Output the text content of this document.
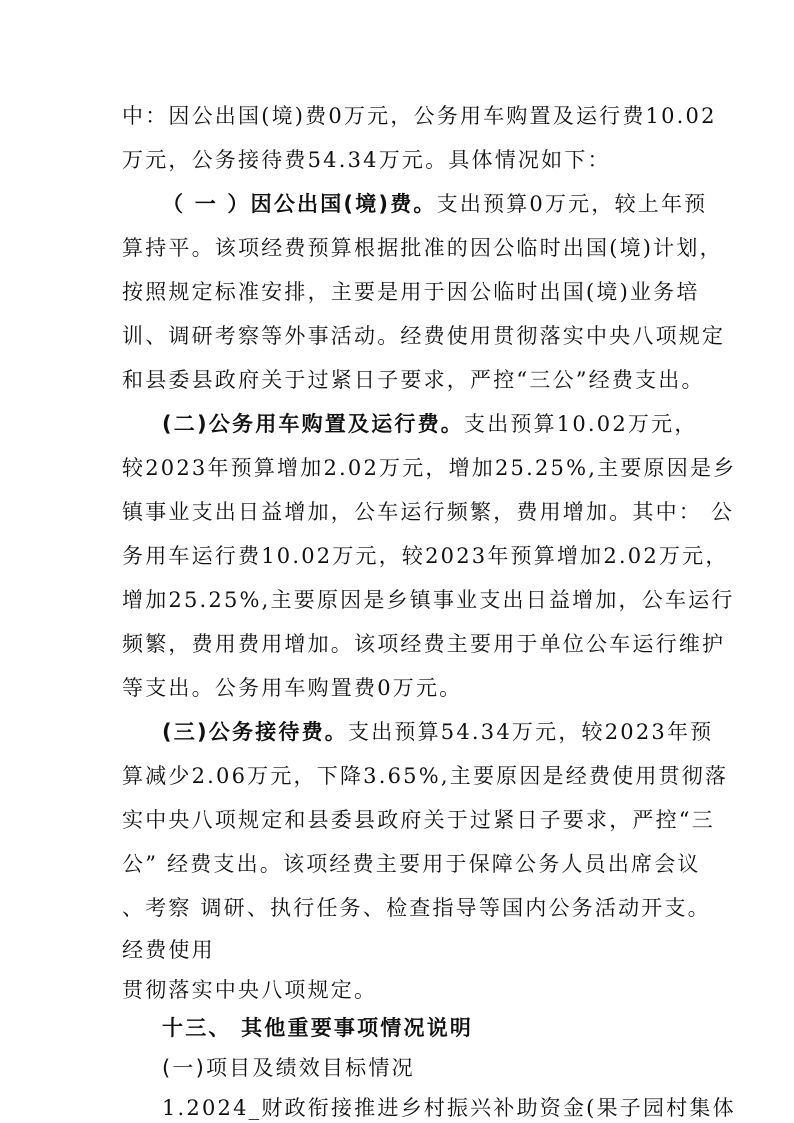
中：因公出国(境)费0万元，公务用车购置及运行费10.02
万元，公务接待费54.34万元。具体情况如下：
（ 一 ）因公出国(境)费。支出预算0万元，较上年预
算持平。该项经费预算根据批准的因公临时出国(境)计划，
按照规定标准安排，主要是用于因公临时出国(境)业务培
训、调研考察等外事活动。经费使用贯彻落实中央八项规定
和县委县政府关于过紧日子要求，严控“三公”经费支出。
(二)公务用车购置及运行费。支出预算10.02万元，
较2023年预算增加2.02万元，增加25.25%,主要原因是乡
镇事业支出日益增加，公车运行频繁，费用增加。其中： 公
务用车运行费10.02万元，较2023年预算增加2.02万元，
增加25.25%,主要原因是乡镇事业支出日益增加，公车运行
频繁，费用费用增加。该项经费主要用于单位公车运行维护
等支出。公务用车购置费0万元。
(三)公务接待费。支出预算54.34万元，较2023年预
算减少2.06万元，下降3.65%,主要原因是经费使用贯彻落
实中央八项规定和县委县政府关于过紧日子要求，严控“三
公” 经费支出。该项经费主要用于保障公务人员出席会议
、考察 调研、执行任务、检查指导等国内公务活动开支。
经费使用
贯彻落实中央八项规定。
十三、 其他重要事项情况说明
(一)项目及绩效目标情况
1.2024_财政衔接推进乡村振兴补助资金(果子园村集体
